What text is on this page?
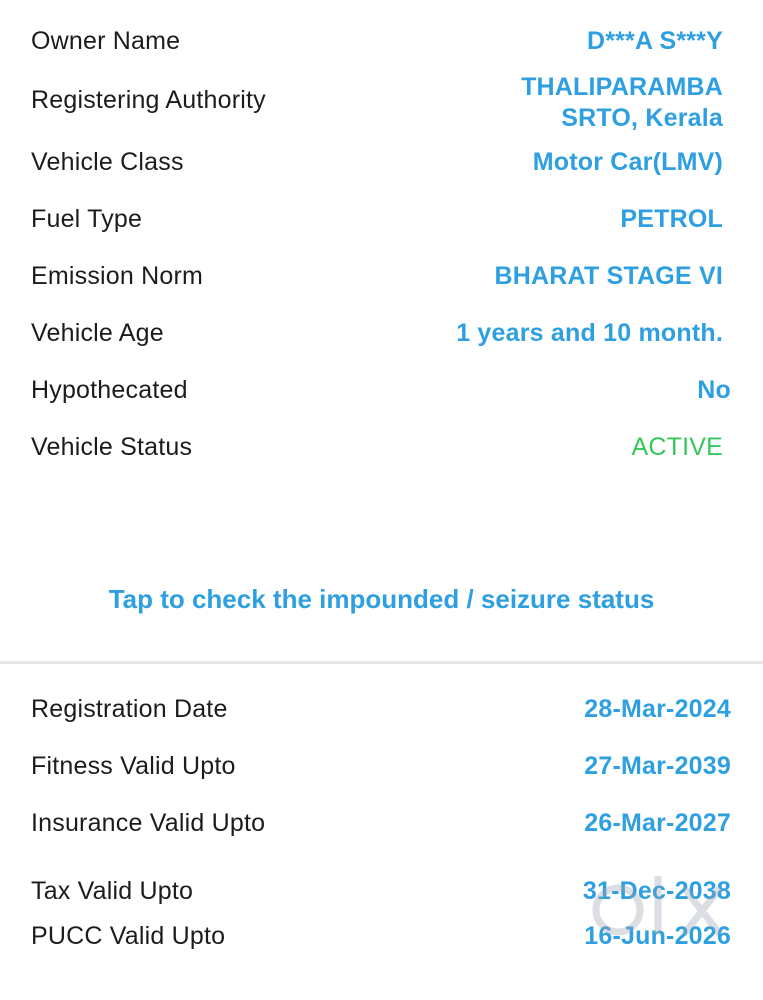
Owner Name	D***A S***Y
Registering Authority	THALIPARAMBA
SRTO, Kerala
Vehicle Class	Motor Car(LMV)
Fuel Type	PETROL
Emission Norm	BHARAT STAGE VI
Vehicle Age	1 years and 10 month.
Hypothecated	No
Vehicle Status	ACTIVE
Tap to check the impounded / seizure status
Registration Date	28-Mar-2024
Fitness Valid Upto	27-Mar-2039
Insurance Valid Upto	26-Mar-2027
Tax Valid Upto	31-Dec-2038
PUCC Valid Upto	16-Jun-2026
